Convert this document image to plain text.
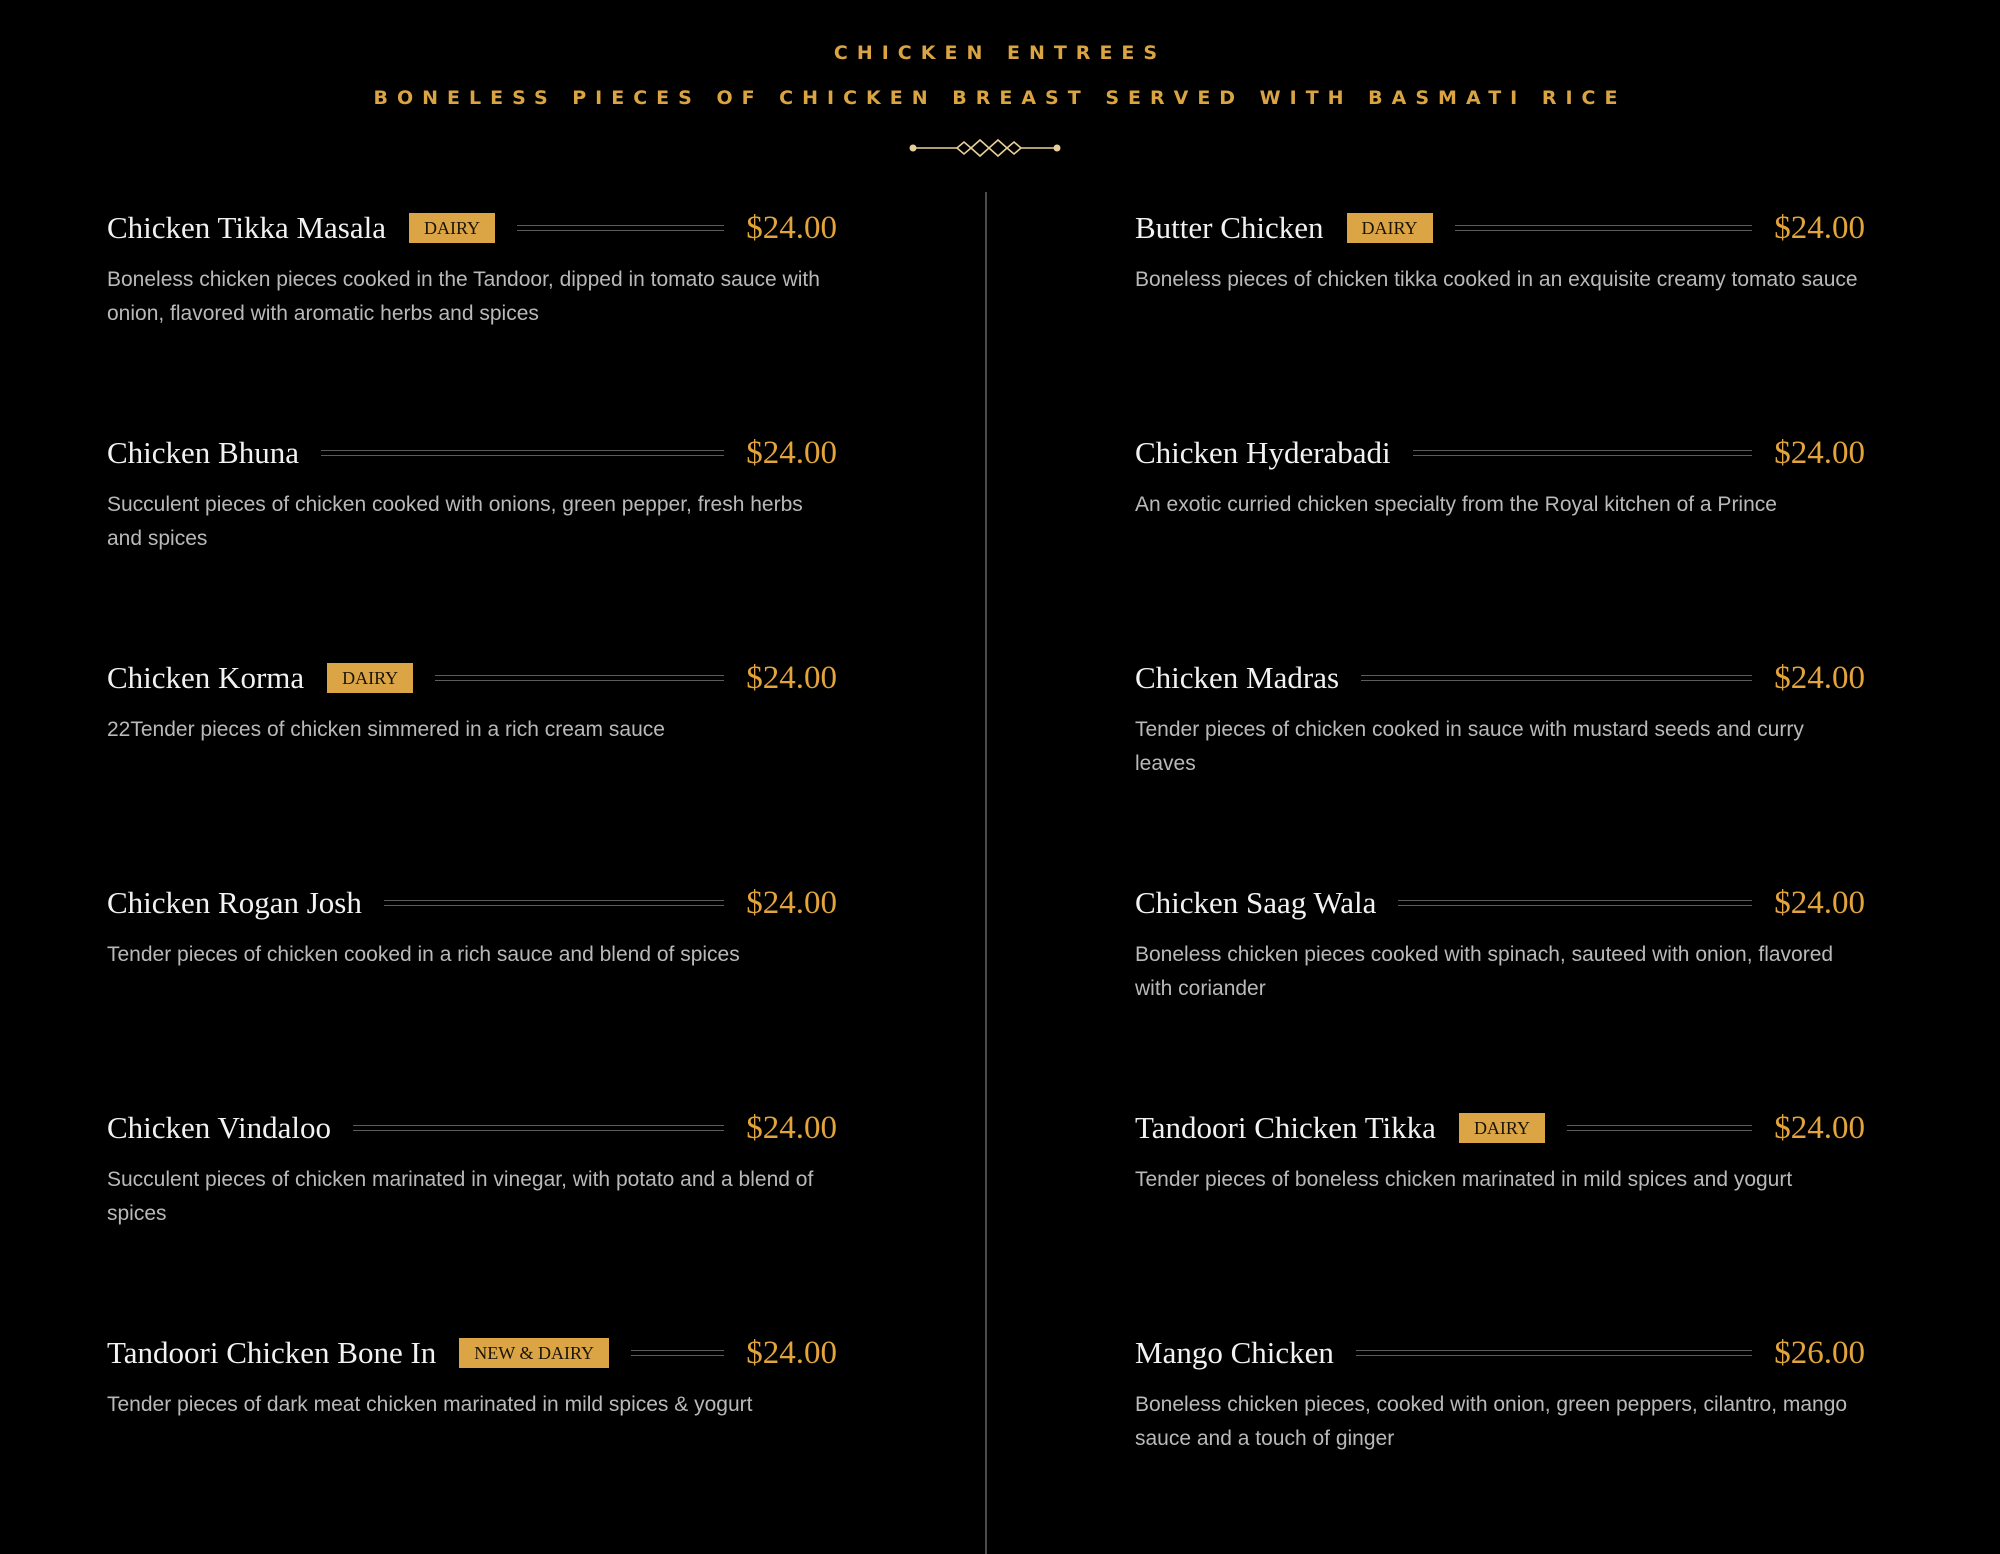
CHICKEN ENTREES
BONELESS PIECES OF CHICKEN BREAST SERVED WITH BASMATI RICE
Chicken Tikka Masala	DAIRY	$24.00
Boneless chicken pieces cooked in the Tandoor, dipped in tomato sauce with onion, flavored with aromatic herbs and spices
Chicken Bhuna	$24.00
Succulent pieces of chicken cooked with onions, green pepper, fresh herbs and spices
Chicken Korma	DAIRY	$24.00
22Tender pieces of chicken simmered in a rich cream sauce
Chicken Rogan Josh	$24.00
Tender pieces of chicken cooked in a rich sauce and blend of spices
Chicken Vindaloo	$24.00
Succulent pieces of chicken marinated in vinegar, with potato and a blend of spices
Tandoori Chicken Bone In	NEW & DAIRY	$24.00
Tender pieces of dark meat chicken marinated in mild spices & yogurt
Butter Chicken	DAIRY	$24.00
Boneless pieces of chicken tikka cooked in an exquisite creamy tomato sauce
Chicken Hyderabadi	$24.00
An exotic curried chicken specialty from the Royal kitchen of a Prince
Chicken Madras	$24.00
Tender pieces of chicken cooked in sauce with mustard seeds and curry leaves
Chicken Saag Wala	$24.00
Boneless chicken pieces cooked with spinach, sauteed with onion, flavored with coriander
Tandoori Chicken Tikka	DAIRY	$24.00
Tender pieces of boneless chicken marinated in mild spices and yogurt
Mango Chicken	$26.00
Boneless chicken pieces, cooked with onion, green peppers, cilantro, mango sauce and a touch of ginger
